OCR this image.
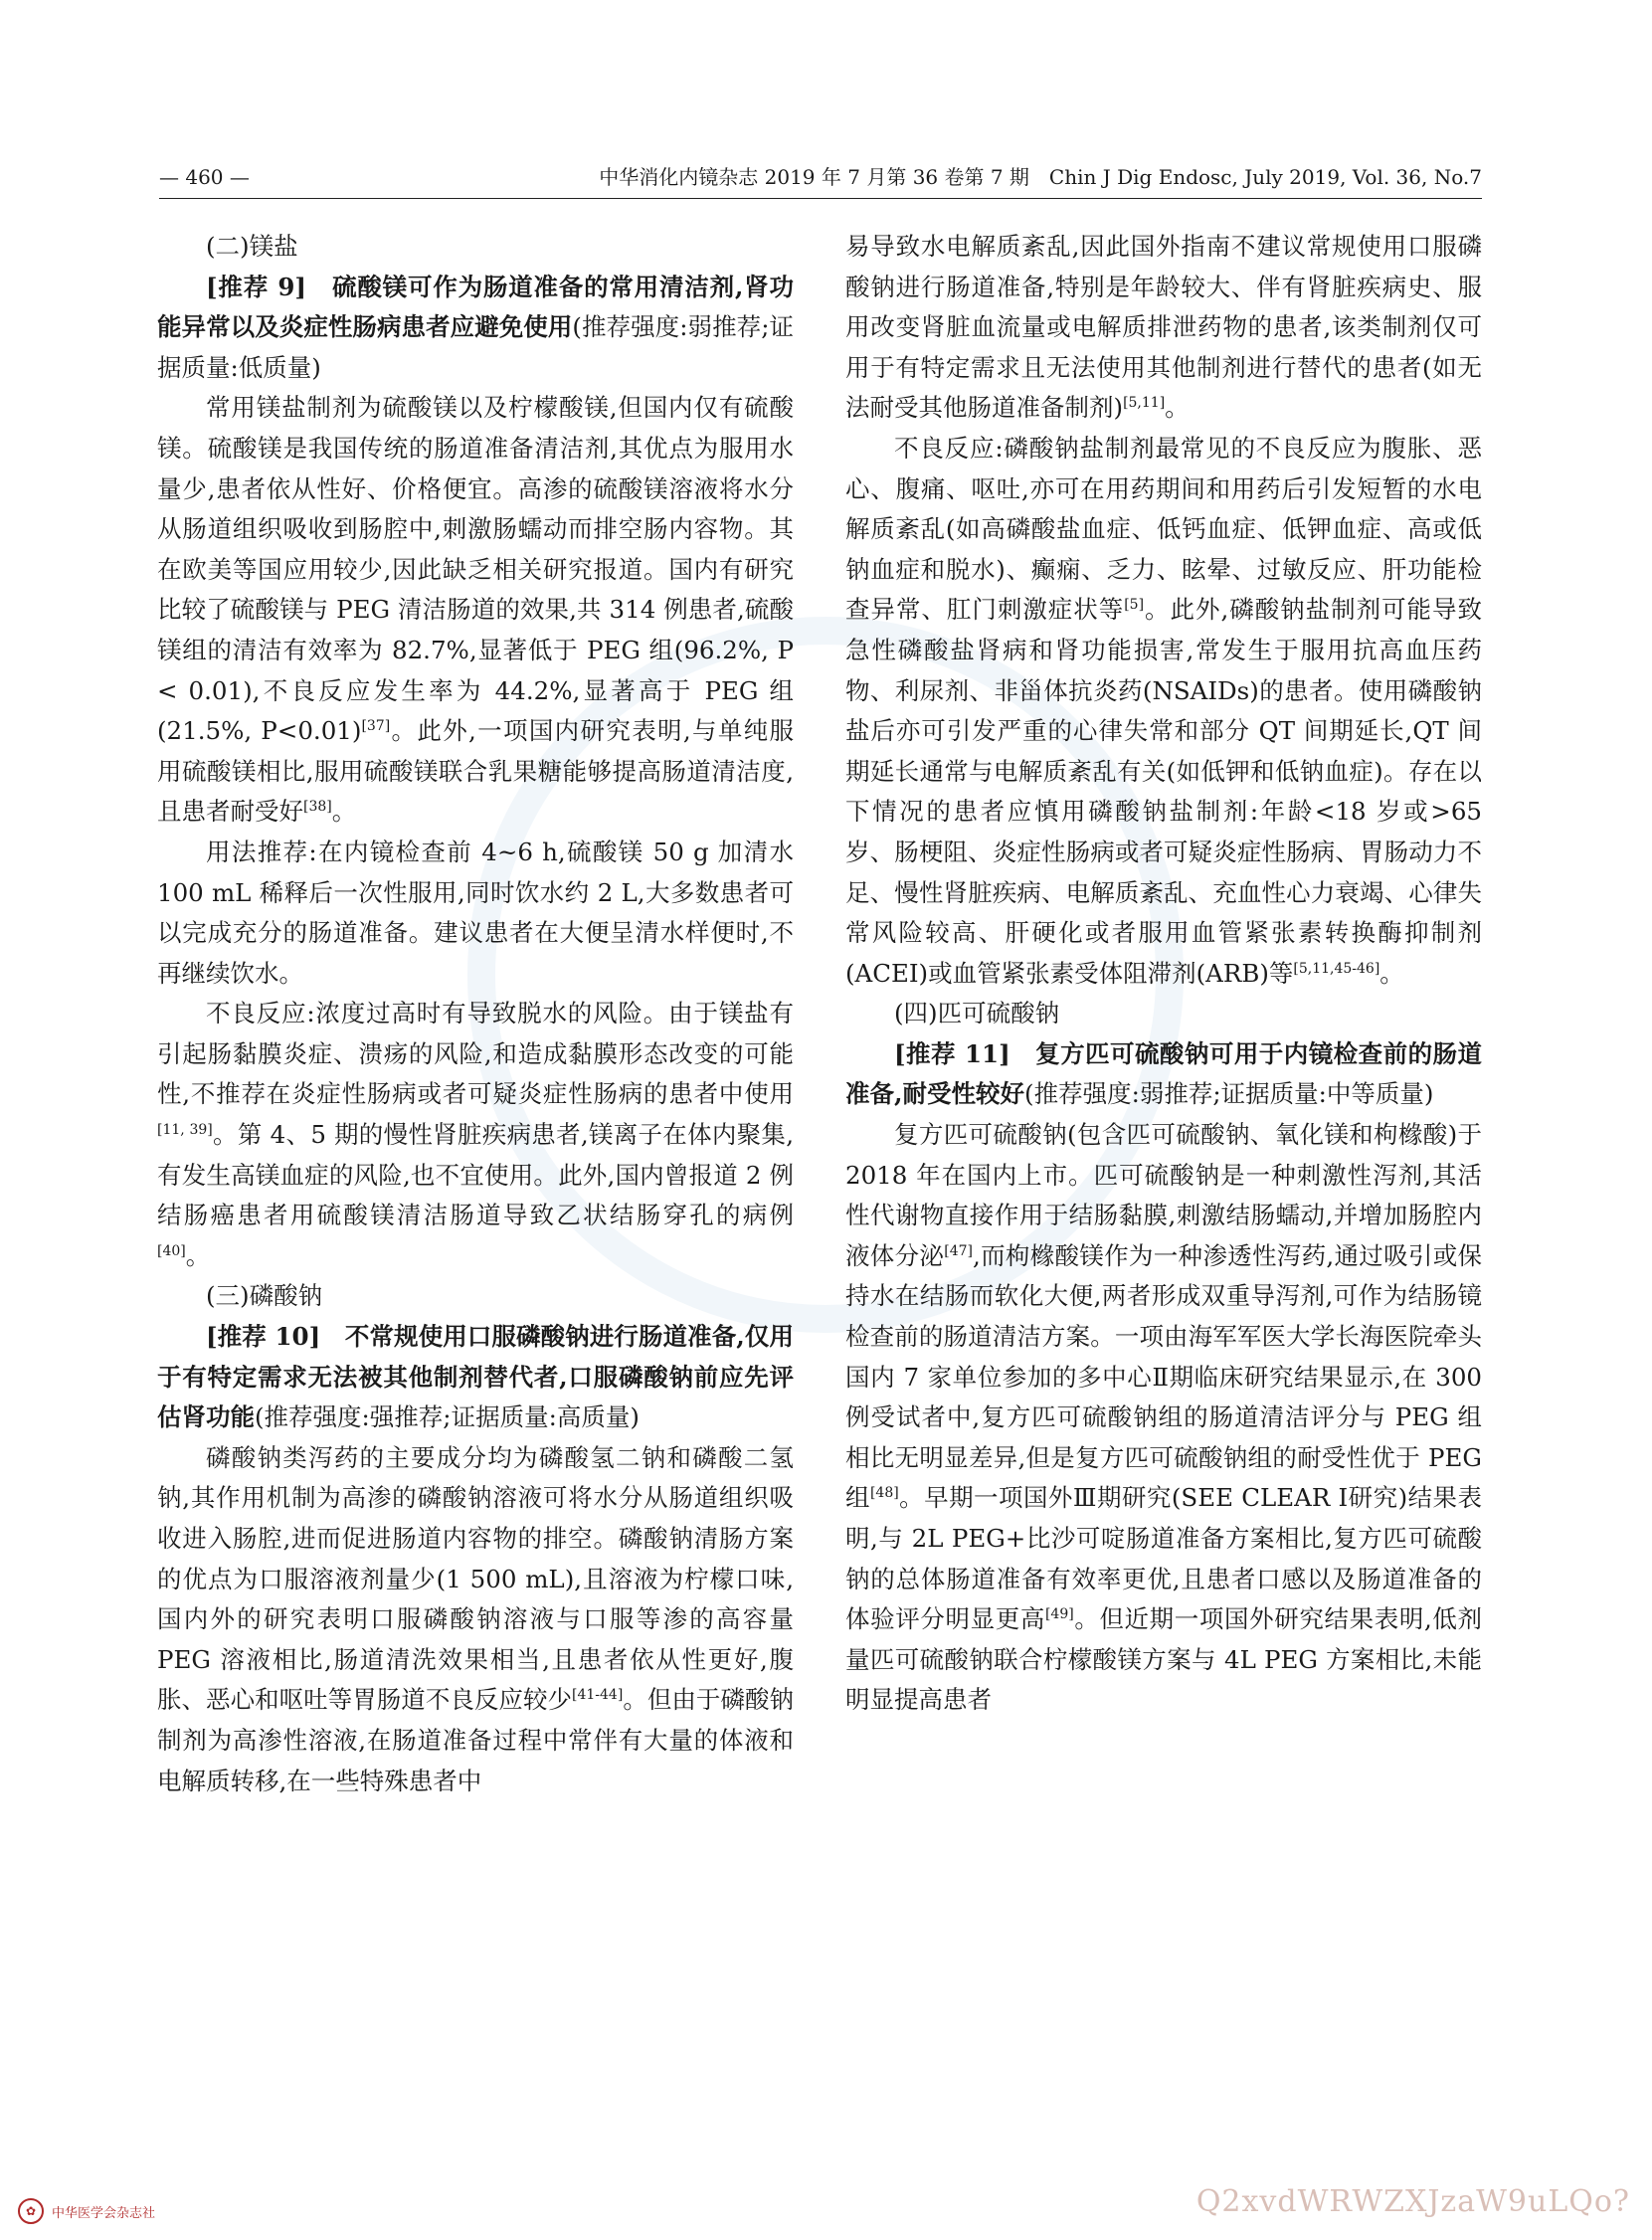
— 460 —	中华消化内镜杂志 2019 年 7 月第 36 卷第 7 期　Chin J Dig Endosc, July 2019, Vol. 36, No.7

(二)镁盐

[推荐 9]　硫酸镁可作为肠道准备的常用清洁剂,肾功能异常以及炎症性肠病患者应避免使用(推荐强度:弱推荐;证据质量:低质量)

常用镁盐制剂为硫酸镁以及柠檬酸镁,但国内仅有硫酸镁。硫酸镁是我国传统的肠道准备清洁剂,其优点为服用水量少,患者依从性好、价格便宜。高渗的硫酸镁溶液将水分从肠道组织吸收到肠腔中,刺激肠蠕动而排空肠内容物。其在欧美等国应用较少,因此缺乏相关研究报道。国内有研究比较了硫酸镁与 PEG 清洁肠道的效果,共 314 例患者,硫酸镁组的清洁有效率为 82.7%,显著低于 PEG 组(96.2%, P < 0.01),不良反应发生率为 44.2%,显著高于 PEG 组(21.5%, P<0.01)[37]。此外,一项国内研究表明,与单纯服用硫酸镁相比,服用硫酸镁联合乳果糖能够提高肠道清洁度,且患者耐受好[38]。

用法推荐:在内镜检查前 4~6 h,硫酸镁 50 g 加清水 100 mL 稀释后一次性服用,同时饮水约 2 L,大多数患者可以完成充分的肠道准备。建议患者在大便呈清水样便时,不再继续饮水。

不良反应:浓度过高时有导致脱水的风险。由于镁盐有引起肠黏膜炎症、溃疡的风险,和造成黏膜形态改变的可能性,不推荐在炎症性肠病或者可疑炎症性肠病的患者中使用[11, 39]。第 4、5 期的慢性肾脏疾病患者,镁离子在体内聚集,有发生高镁血症的风险,也不宜使用。此外,国内曾报道 2 例结肠癌患者用硫酸镁清洁肠道导致乙状结肠穿孔的病例[40]。

(三)磷酸钠

[推荐 10]　不常规使用口服磷酸钠进行肠道准备,仅用于有特定需求无法被其他制剂替代者,口服磷酸钠前应先评估肾功能(推荐强度:强推荐;证据质量:高质量)

磷酸钠类泻药的主要成分均为磷酸氢二钠和磷酸二氢钠,其作用机制为高渗的磷酸钠溶液可将水分从肠道组织吸收进入肠腔,进而促进肠道内容物的排空。磷酸钠清肠方案的优点为口服溶液剂量少(1 500 mL),且溶液为柠檬口味,国内外的研究表明口服磷酸钠溶液与口服等渗的高容量 PEG 溶液相比,肠道清洗效果相当,且患者依从性更好,腹胀、恶心和呕吐等胃肠道不良反应较少[41-44]。但由于磷酸钠制剂为高渗性溶液,在肠道准备过程中常伴有大量的体液和电解质转移,在一些特殊患者中

易导致水电解质紊乱,因此国外指南不建议常规使用口服磷酸钠进行肠道准备,特别是年龄较大、伴有肾脏疾病史、服用改变肾脏血流量或电解质排泄药物的患者,该类制剂仅可用于有特定需求且无法使用其他制剂进行替代的患者(如无法耐受其他肠道准备制剂)[5,11]。

不良反应:磷酸钠盐制剂最常见的不良反应为腹胀、恶心、腹痛、呕吐,亦可在用药期间和用药后引发短暂的水电解质紊乱(如高磷酸盐血症、低钙血症、低钾血症、高或低钠血症和脱水)、癫痫、乏力、眩晕、过敏反应、肝功能检查异常、肛门刺激症状等[5]。此外,磷酸钠盐制剂可能导致急性磷酸盐肾病和肾功能损害,常发生于服用抗高血压药物、利尿剂、非甾体抗炎药(NSAIDs)的患者。使用磷酸钠盐后亦可引发严重的心律失常和部分 QT 间期延长,QT 间期延长通常与电解质紊乱有关(如低钾和低钠血症)。存在以下情况的患者应慎用磷酸钠盐制剂:年龄<18 岁或>65 岁、肠梗阻、炎症性肠病或者可疑炎症性肠病、胃肠动力不足、慢性肾脏疾病、电解质紊乱、充血性心力衰竭、心律失常风险较高、肝硬化或者服用血管紧张素转换酶抑制剂(ACEI)或血管紧张素受体阻滞剂(ARB)等[5,11,45-46]。

(四)匹可硫酸钠

[推荐 11]　复方匹可硫酸钠可用于内镜检查前的肠道准备,耐受性较好(推荐强度:弱推荐;证据质量:中等质量)

复方匹可硫酸钠(包含匹可硫酸钠、氧化镁和枸橼酸)于 2018 年在国内上市。匹可硫酸钠是一种刺激性泻剂,其活性代谢物直接作用于结肠黏膜,刺激结肠蠕动,并增加肠腔内液体分泌[47],而枸橼酸镁作为一种渗透性泻药,通过吸引或保持水在结肠而软化大便,两者形成双重导泻剂,可作为结肠镜检查前的肠道清洁方案。一项由海军军医大学长海医院牵头国内 7 家单位参加的多中心Ⅱ期临床研究结果显示,在 300 例受试者中,复方匹可硫酸钠组的肠道清洁评分与 PEG 组相比无明显差异,但是复方匹可硫酸钠组的耐受性优于 PEG 组[48]。早期一项国外Ⅲ期研究(SEE CLEAR Ⅰ研究)结果表明,与 2L PEG+比沙可啶肠道准备方案相比,复方匹可硫酸钠的总体肠道准备有效率更优,且患者口感以及肠道准备的体验评分明显更高[49]。但近期一项国外研究结果表明,低剂量匹可硫酸钠联合柠檬酸镁方案与 4L PEG 方案相比,未能明显提高患者

✿	中华医学会杂志社	Q2xvdWRWZXJzaW9uLQo?
